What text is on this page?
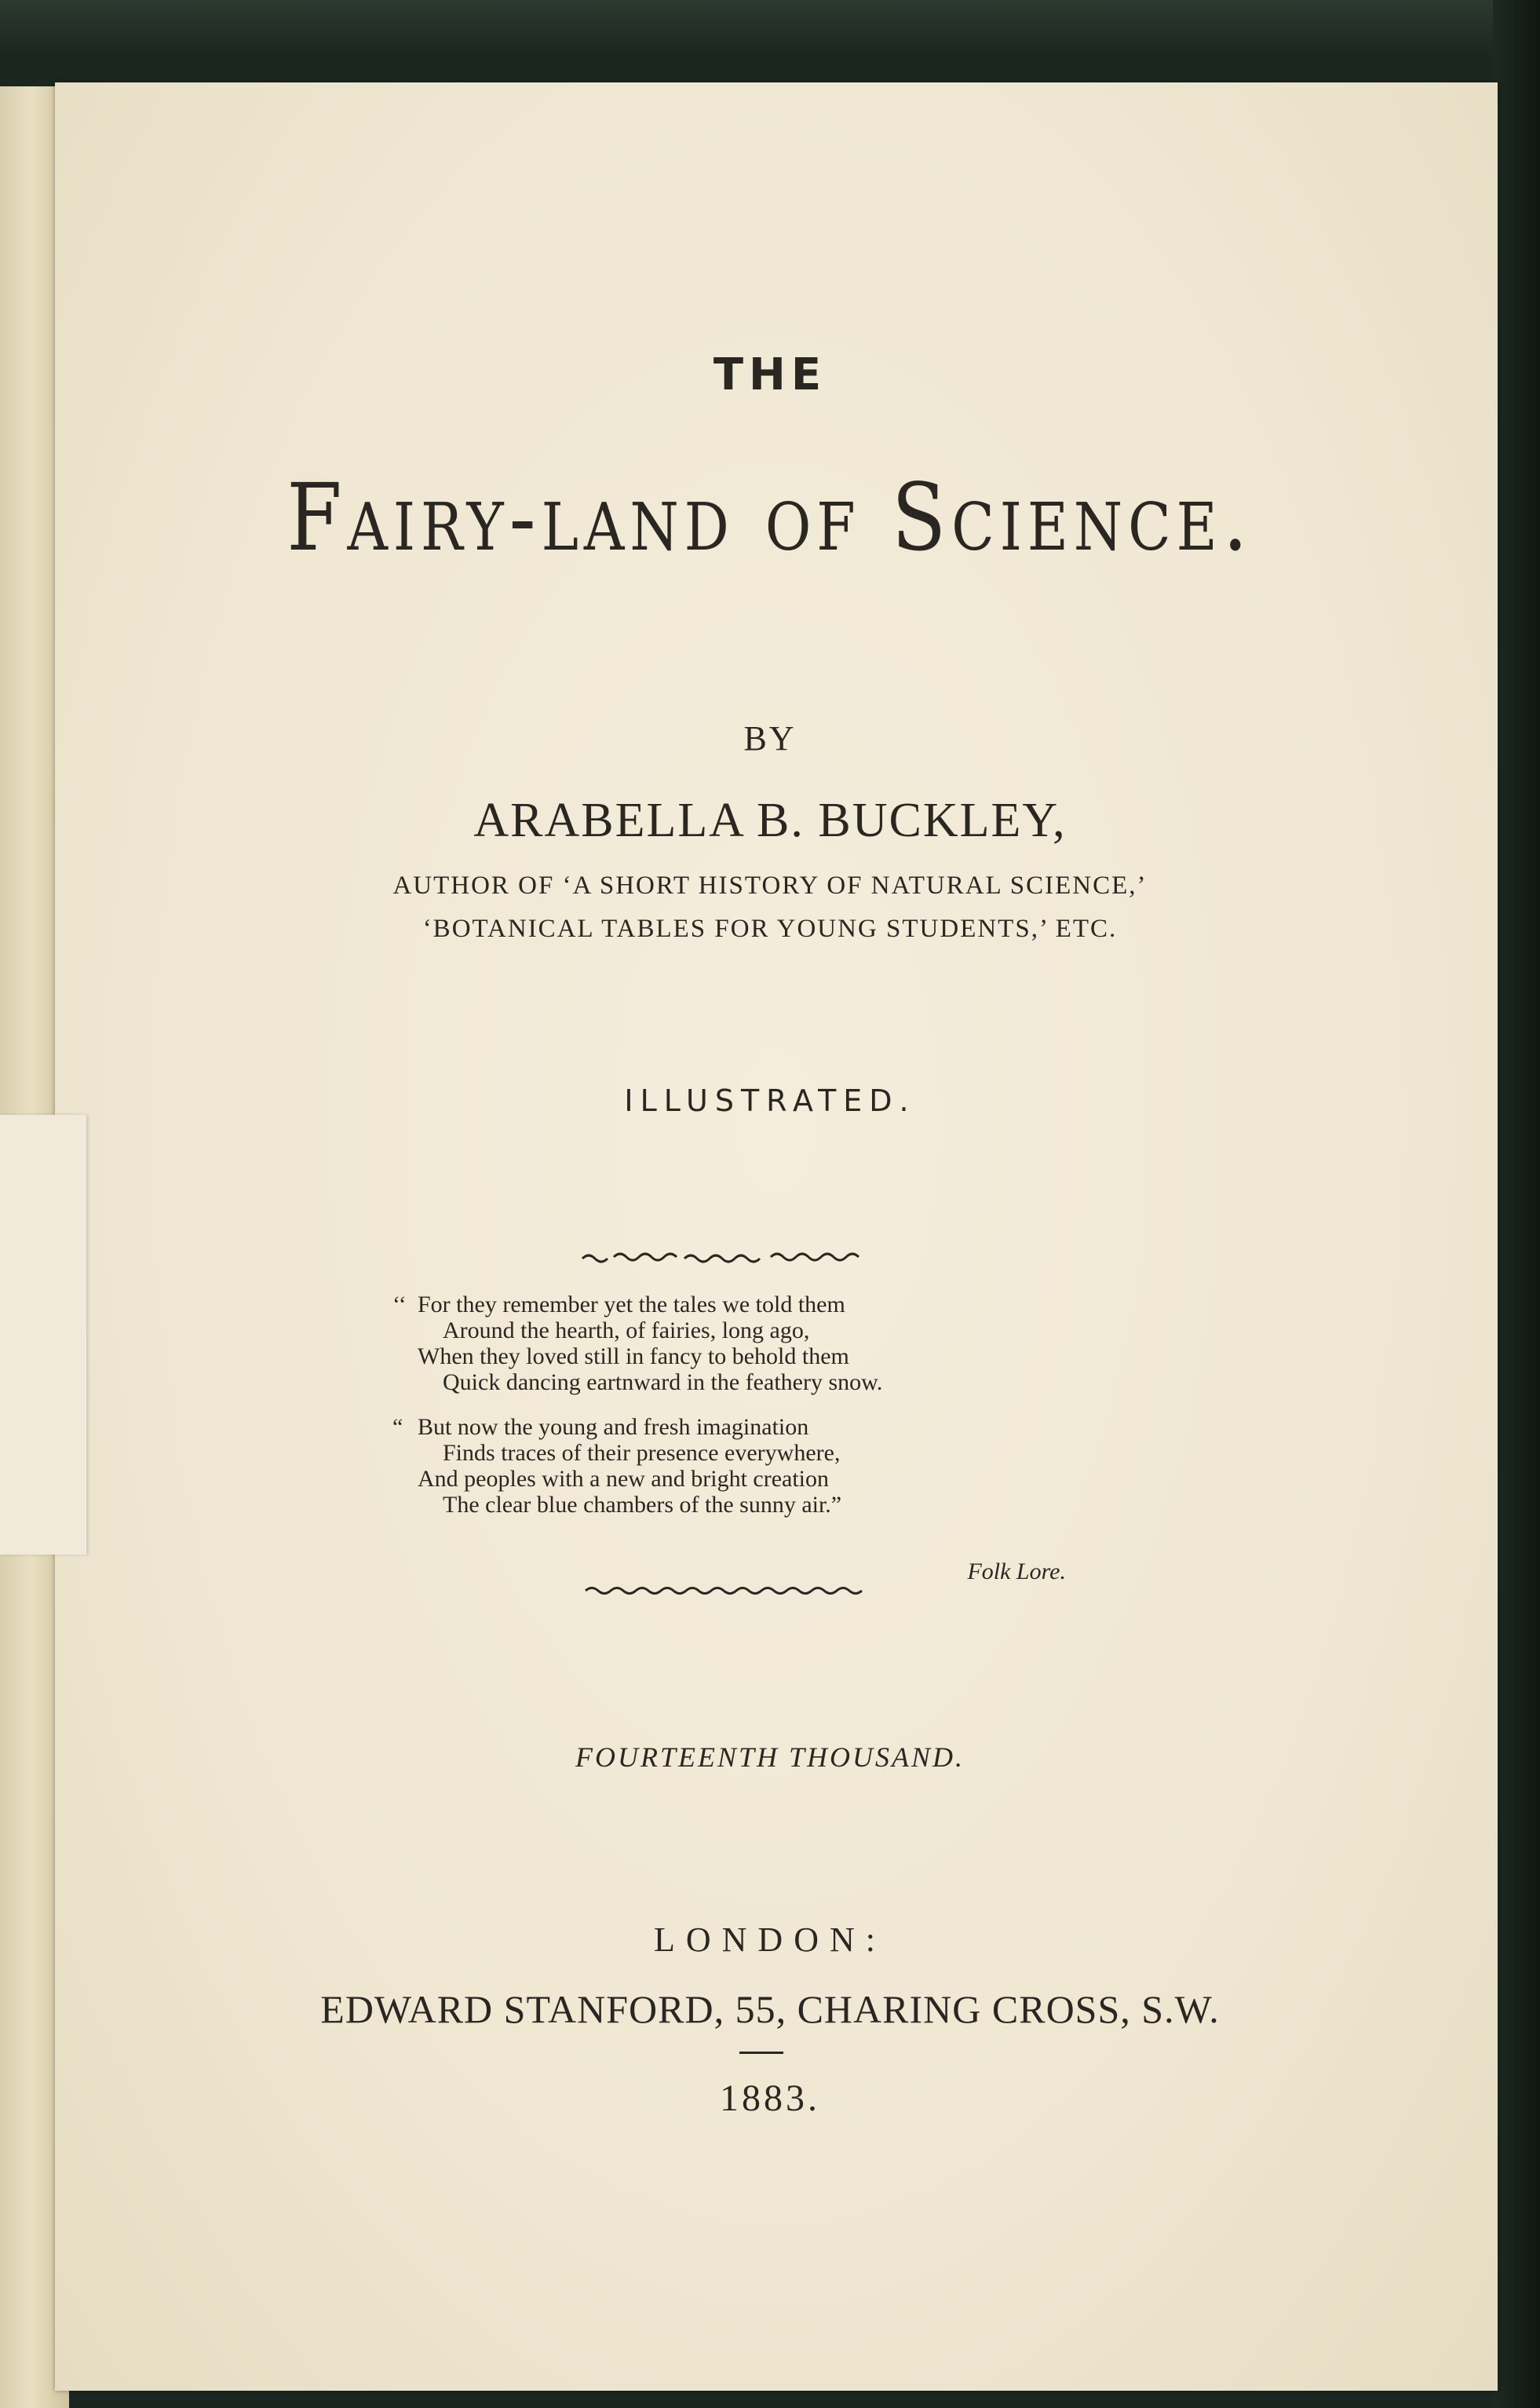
THE

Fairy-land of Science.

BY

ARABELLA B. BUCKLEY,

AUTHOR OF ‘A SHORT HISTORY OF NATURAL SCIENCE,’

‘BOTANICAL TABLES FOR YOUNG STUDENTS,’ ETC.

ILLUSTRATED.

‘‘ For they remember yet the tales we told them

Around the hearth, of fairies, long ago,

When they loved still in fancy to behold them

Quick dancing eartnward in the feathery snow.

“ But now the young and fresh imagination

Finds traces of their presence everywhere,

And peoples with a new and bright creation

The clear blue chambers of the sunny air.”

Folk Lore.

FOURTEENTH THOUSAND.

LONDON:

EDWARD STANFORD, 55, CHARING CROSS, S.W.

1883.
